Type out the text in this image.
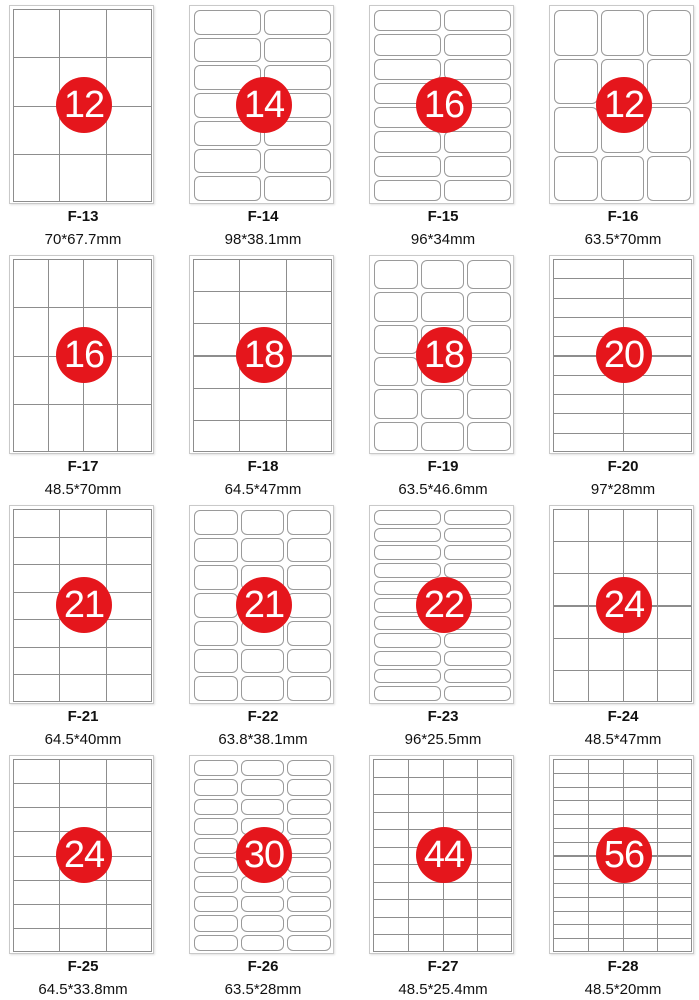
12
F-13
70*67.7mm
14
F-14
98*38.1mm
16
F-15
96*34mm
12
F-16
63.5*70mm
16
F-17
48.5*70mm
18
F-18
64.5*47mm
18
F-19
63.5*46.6mm
20
F-20
97*28mm
21
F-21
64.5*40mm
21
F-22
63.8*38.1mm
22
F-23
96*25.5mm
24
F-24
48.5*47mm
24
F-25
64.5*33.8mm
30
F-26
63.5*28mm
44
F-27
48.5*25.4mm
56
F-28
48.5*20mm
